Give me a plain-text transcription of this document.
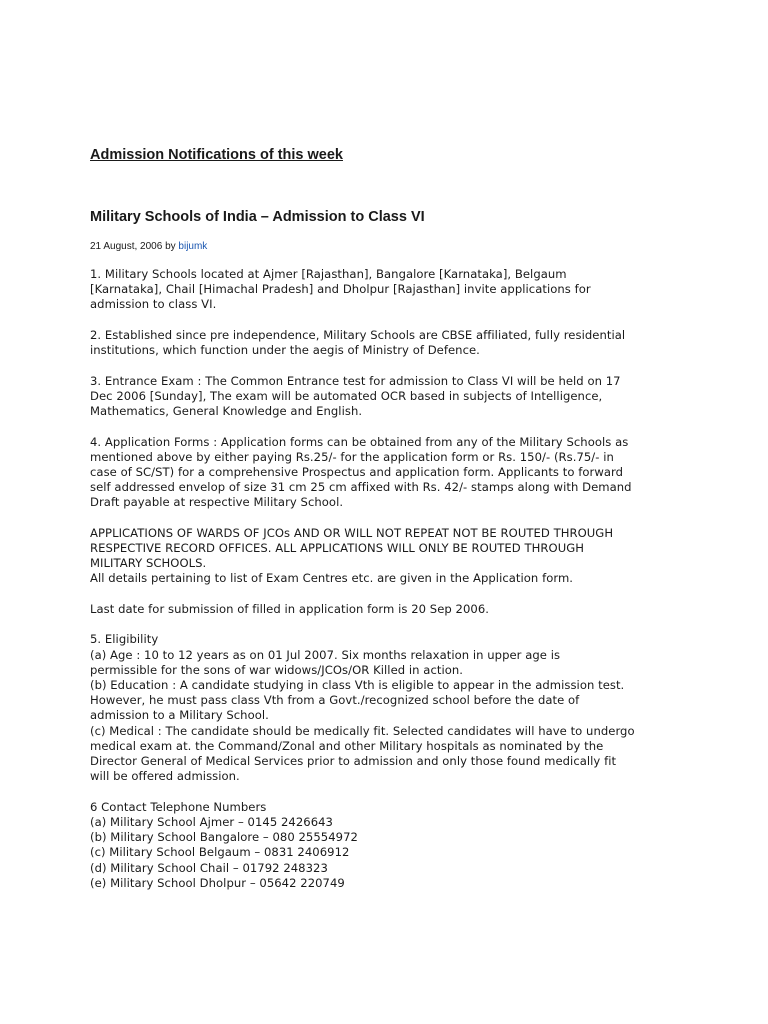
Admission Notifications of this week
Military Schools of India – Admission to Class VI
21 August, 2006 by bijumk

1. Military Schools located at Ajmer [Rajasthan], Bangalore [Karnataka], Belgaum
[Karnataka], Chail [Himachal Pradesh] and Dholpur [Rajasthan] invite applications for
admission to class VI.

2. Established since pre independence, Military Schools are CBSE affiliated, fully residential
institutions, which function under the aegis of Ministry of Defence.

3. Entrance Exam : The Common Entrance test for admission to Class VI will be held on 17
Dec 2006 [Sunday], The exam will be automated OCR based in subjects of Intelligence,
Mathematics, General Knowledge and English.

4. Application Forms : Application forms can be obtained from any of the Military Schools as
mentioned above by either paying Rs.25/- for the application form or Rs. 150/- (Rs.75/- in
case of SC/ST) for a comprehensive Prospectus and application form. Applicants to forward
self addressed envelop of size 31 cm 25 cm affixed with Rs. 42/- stamps along with Demand
Draft payable at respective Military School.

APPLICATIONS OF WARDS OF JCOs AND OR WILL NOT REPEAT NOT BE ROUTED THROUGH
RESPECTIVE RECORD OFFICES. ALL APPLICATIONS WILL ONLY BE ROUTED THROUGH
MILITARY SCHOOLS.
All details pertaining to list of Exam Centres etc. are given in the Application form.

Last date for submission of filled in application form is 20 Sep 2006.

5. Eligibility
(a) Age : 10 to 12 years as on 01 Jul 2007. Six months relaxation in upper age is
permissible for the sons of war widows/JCOs/OR Killed in action.
(b) Education : A candidate studying in class Vth is eligible to appear in the admission test.
However, he must pass class Vth from a Govt./recognized school before the date of
admission to a Military School.
(c) Medical : The candidate should be medically fit. Selected candidates will have to undergo
medical exam at. the Command/Zonal and other Military hospitals as nominated by the
Director General of Medical Services prior to admission and only those found medically fit
will be offered admission.

6 Contact Telephone Numbers
(a) Military School Ajmer – 0145 2426643
(b) Military School Bangalore – 080 25554972
(c) Military School Belgaum – 0831 2406912
(d) Military School Chail – 01792 248323
(e) Military School Dholpur – 05642 220749
